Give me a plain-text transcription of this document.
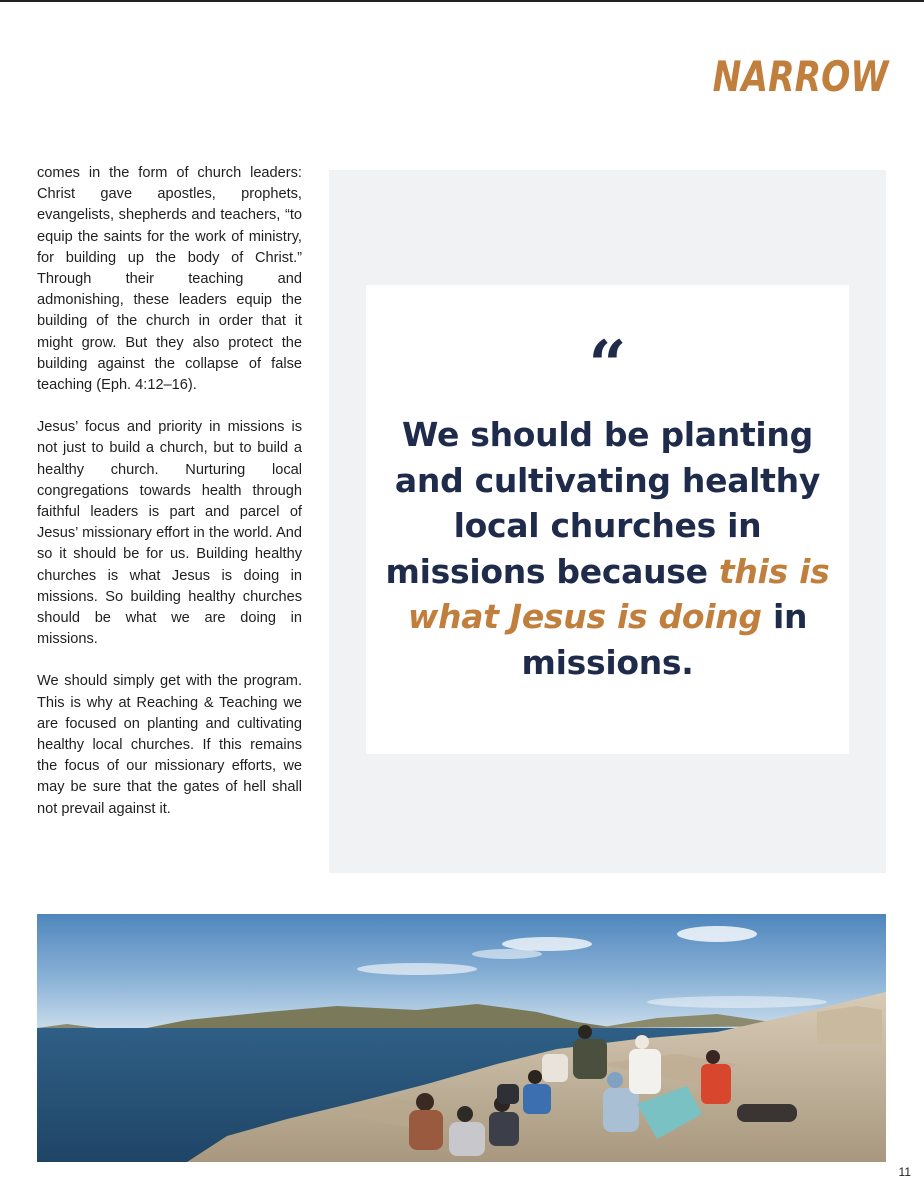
NARROW

comes in the form of church leaders: Christ gave apostles, prophets, evangelists, shepherds and teachers, “to equip the saints for the work of ministry, for building up the body of Christ.” Through their teaching and admonishing, these leaders equip the building of the church in order that it might grow. But they also protect the building against the collapse of false teaching (Eph. 4:12–16).

Jesus’ focus and priority in missions is not just to build a church, but to build a healthy church. Nurturing local congregations towards health through faithful leaders is part and parcel of Jesus’ missionary effort in the world. And so it should be for us. Building healthy churches is what Jesus is doing in missions. So building healthy churches should be what we are doing in missions.

We should simply get with the program. This is why at Reaching & Teaching we are focused on planting and cultivating healthy local churches. If this remains the focus of our missionary efforts, we may be sure that the gates of hell shall not prevail against it.

“
We should be planting and cultivating healthy local churches in missions because this is what Jesus is doing in missions.
11
